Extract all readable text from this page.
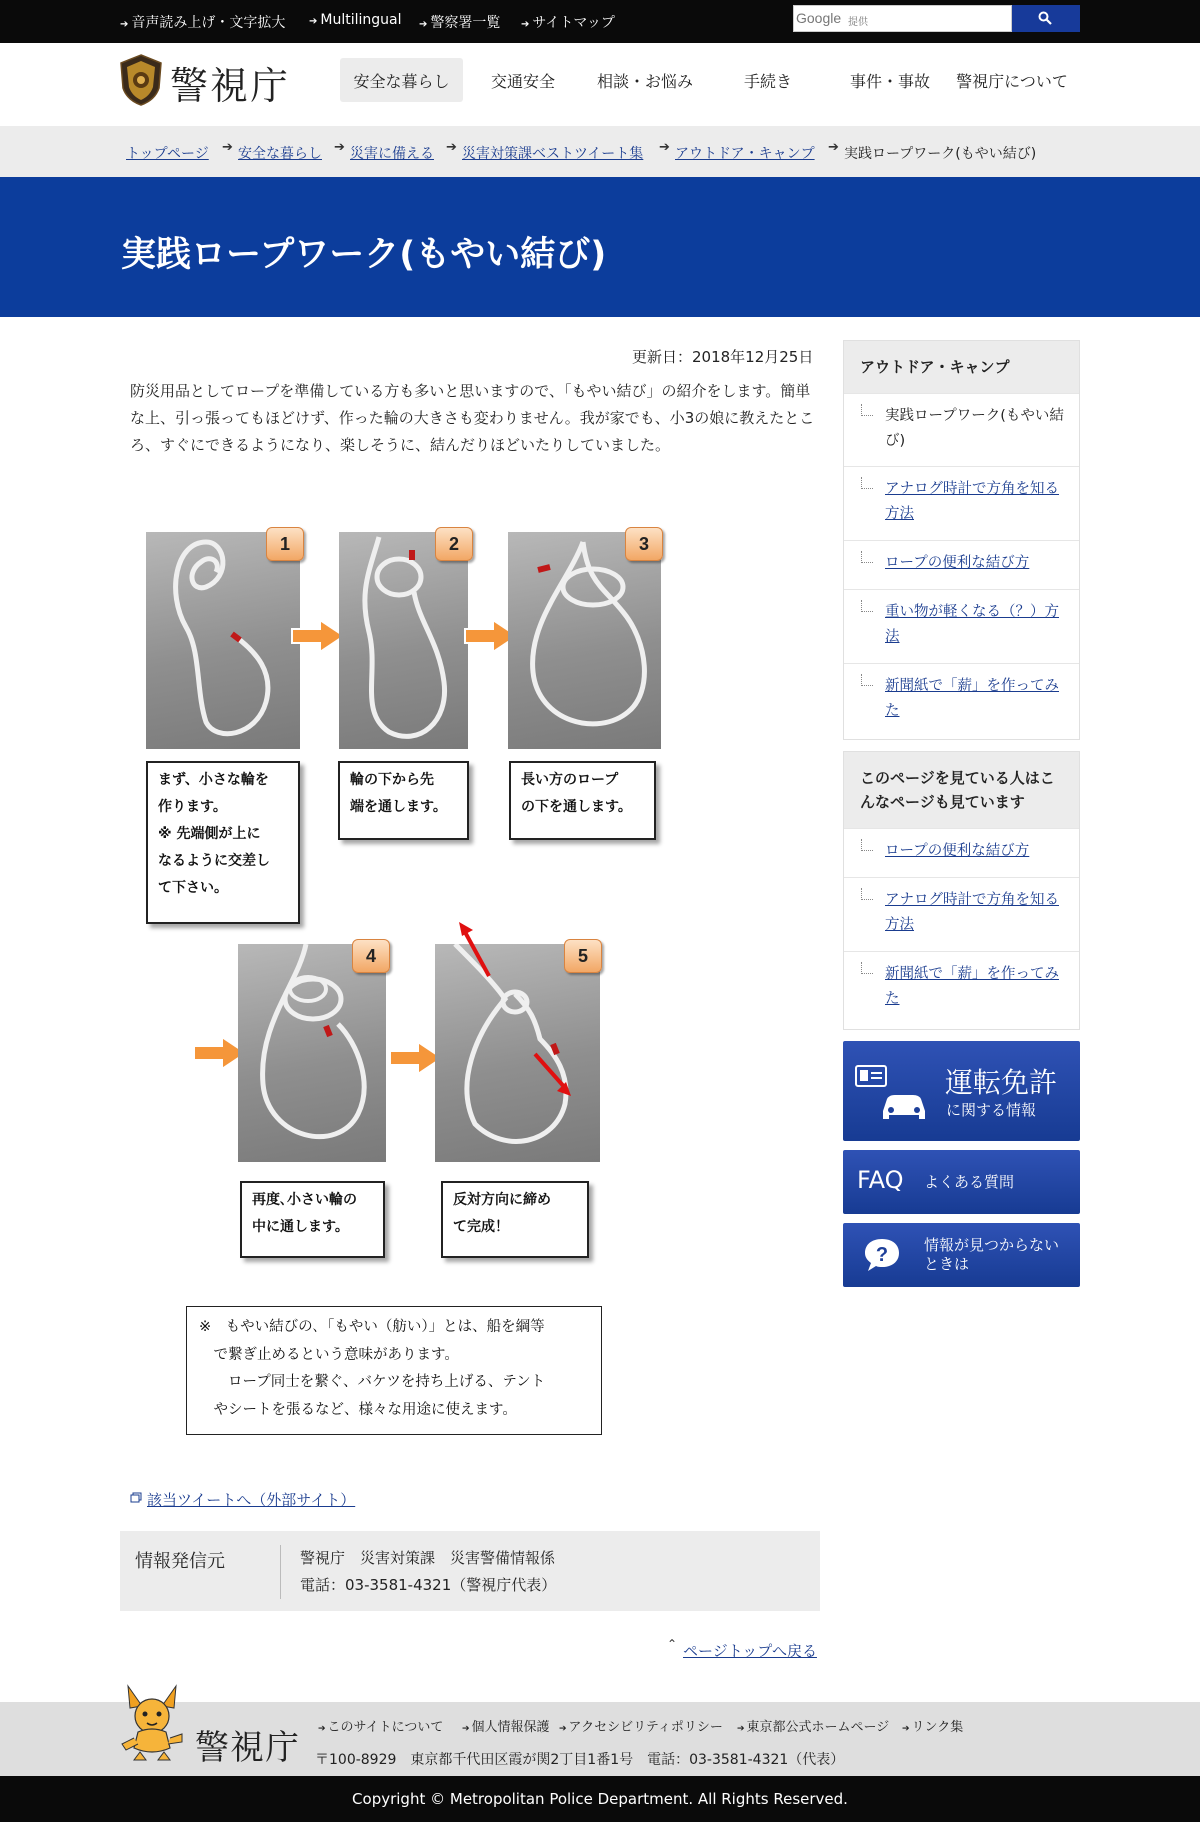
➔ 音声読み上げ・文字拡大 ➔ Multilingual ➔ 警察署一覧 ➔ サイトマップ	Google 提供
警視庁	安全な暮らし	交通安全	相談・お悩み	手続き	事件・事故 警視庁について
トップページ ➔ 安全な暮らし ➔ 災害に備える ➔ 災害対策課ベストツイート集 ➔ アウトドア・キャンプ ➔ 実践ロープワーク(もやい結び)
実践ロープワーク(もやい結び)
更新日：2018年12月25日

防災用品としてロープを準備している方も多いと思いますので、「もやい結び」の紹介をします。簡単な上、引っ張ってもほどけず、作った輪の大きさも変わりません。我が家でも、小3の娘に教えたところ、すぐにできるようになり、楽しそうに、結んだりほどいたりしていました。

1	2	3
まず、小さな輪を
作ります。
※ 先端側が上に
なるように交差し
て下さい。
輪の下から先
端を通します。
長い方のロープ
の下を通します。
4	5
再度､小さい輪の
中に通します。
反対方向に締め
て完成！
※　もやい結びの､「もやい（舫い）」とは、船を綱等
　で繋ぎ止めるという意味があります。
　　ロープ同士を繋ぐ、バケツを持ち上げる、テント
　やシートを張るなど、様々な用途に使えます。
該当ツイートへ（外部サイト）
情報発信元	警視庁　災害対策課　災害警備情報係
電話：03-3581-4321（警視庁代表）
⌃ ページトップへ戻る
アウトドア・キャンプ
実践ロープワーク(もやい結び)
アナログ時計で方角を知る方法
ロープの便利な結び方
重い物が軽くなる（？）方法
新聞紙で「薪」を作ってみた
このページを見ている人はこんなページも見ています
ロープの便利な結び方
アナログ時計で方角を知る方法
新聞紙で「薪」を作ってみた
運転免許
に関する情報
FAQ よくある質問
? 情報が見つからない
ときは
警視庁 ➔ このサイトについて ➔ 個人情報保護 ➔ アクセシビリティポリシー ➔ 東京都公式ホームページ ➔ リンク集
〒100-8929　東京都千代田区霞が関2丁目1番1号　電話：03-3581-4321（代表）
Copyright © Metropolitan Police Department. All Rights Reserved.
